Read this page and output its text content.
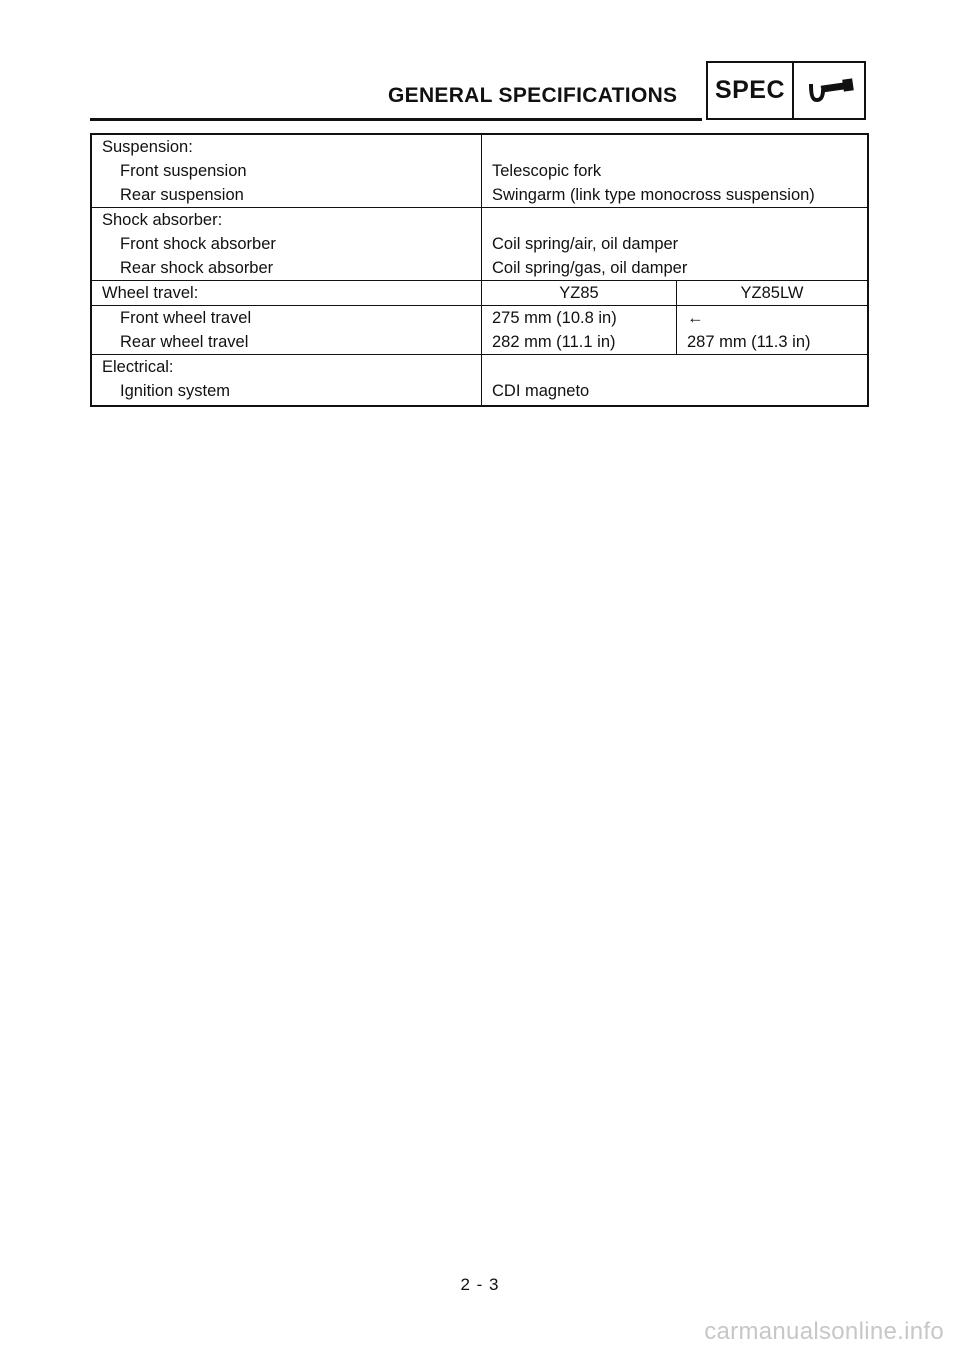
GENERAL SPECIFICATIONS SPEC
Suspension:		

Front suspension	Telescopic fork	

Rear suspension	Swingarm (link type monocross suspension)	
Shock absorber:		

Front shock absorber	Coil spring/air, oil damper	

Rear shock absorber	Coil spring/gas, oil damper	
Wheel travel:	YZ85	YZ85LW

Front wheel travel	275 mm (10.8 in)	←

Rear wheel travel	282 mm (11.1 in)	287 mm (11.3 in)
Electrical:		

Ignition system	CDI magneto	
2 - 3
carmanualsonline.info
